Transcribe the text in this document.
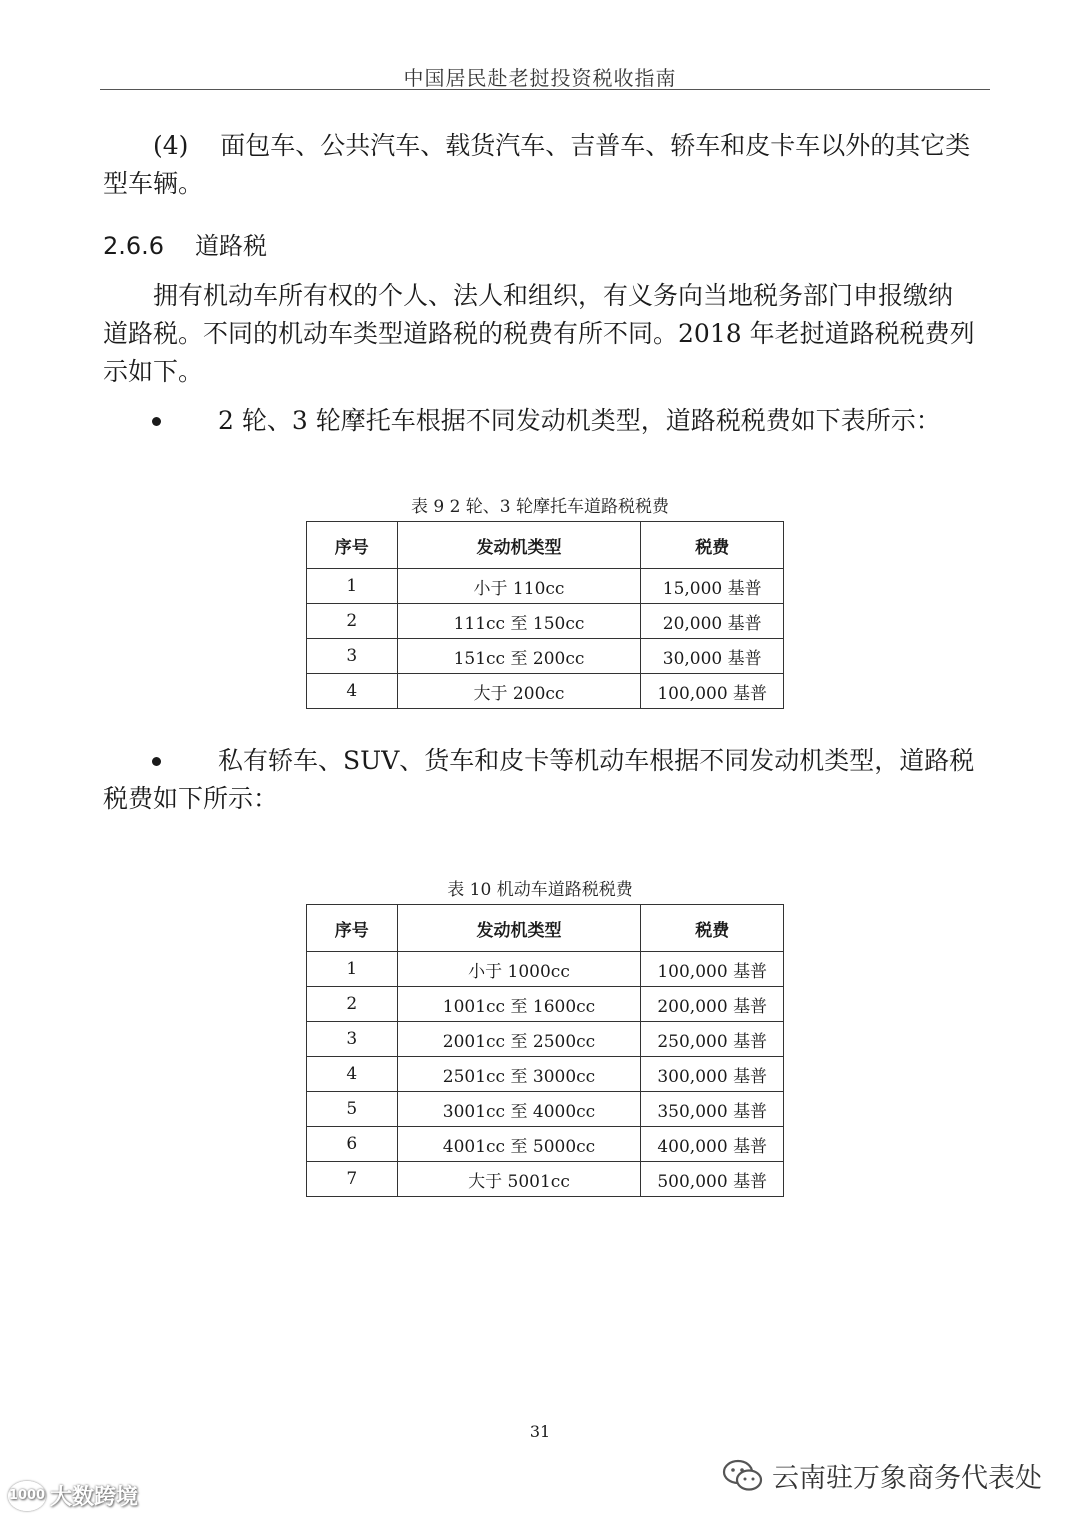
中国居民赴老挝投资税收指南
(4)    面包车、公共汽车、载货汽车、吉普车、轿车和皮卡车以外的其它类
型车辆。
2.6.6 道路税
拥有机动车所有权的个人、法人和组织，有义务向当地税务部门申报缴纳
道路税。不同的机动车类型道路税的税费有所不同。2018 年老挝道路税税费列
示如下。
2 轮、3 轮摩托车根据不同发动机类型，道路税税费如下表所示：
表 9 2 轮、3 轮摩托车道路税税费
序号	发动机类型	税费
1	小于 110cc	15,000 基普
2	111cc 至 150cc	20,000 基普
3	151cc 至 200cc	30,000 基普
4	大于 200cc	100,000 基普
私有轿车、SUV、货车和皮卡等机动车根据不同发动机类型，道路税
税费如下所示：
表 10 机动车道路税税费
序号	发动机类型	税费
1	小于 1000cc	100,000 基普
2	1001cc 至 1600cc	200,000 基普
3	2001cc 至 2500cc	250,000 基普
4	2501cc 至 3000cc	300,000 基普
5	3001cc 至 4000cc	350,000 基普
6	4001cc 至 5000cc	400,000 基普
7	大于 5001cc	500,000 基普
31
1000 大数跨境
云南驻万象商务代表处
